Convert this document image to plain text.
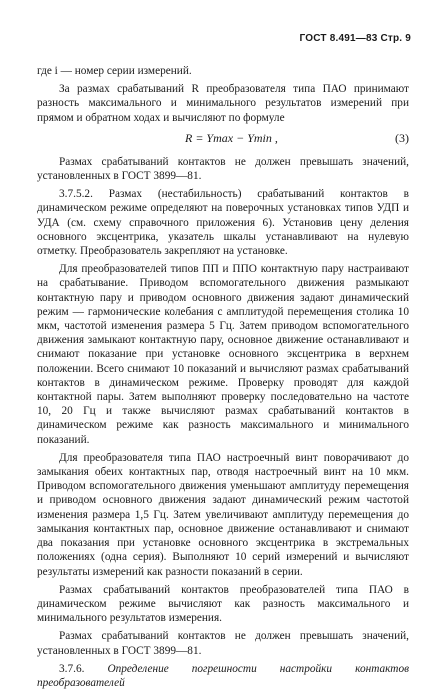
ГОСТ 8.491—83 Стр. 9

где i — номер серии измерений.

За размах срабатываний R преобразователя типа ПАО принимают разность максимального и минимального результатов измерений при прямом и обратном ходах и вычисляют по формуле

R = Ymax − Ymin ,	(3)

Размах срабатываний контактов не должен превышать значений, установленных в ГОСТ 3899—81.

3.7.5.2. Размах (нестабильность) срабатываний контактов в динамическом режиме определяют на поверочных установках типов УДП и УДА (см. схему справочного приложения 6). Установив цену деления основного эксцентрика, указатель шкалы устанавливают на нулевую отметку. Преобразователь закрепляют на установке.

Для преобразователей типов ПП и ППО контактную пару настраивают на срабатывание. Приводом вспомогательного движения размыкают контактную пару и приводом основного движения задают динамический режим — гармонические колебания с амплитудой перемещения столика 10 мкм, частотой изменения размера 5 Гц. Затем приводом вспомогательного движения замыкают контактную пару, основное движение останавливают и снимают показание при установке основного эксцентрика в верхнем положении. Всего снимают 10 показаний и вычисляют размах срабатываний контактов в динамическом режиме. Проверку проводят для каждой контактной пары. Затем выполняют проверку последовательно на частоте 10, 20 Гц и также вычисляют размах срабатываний контактов в динамическом режиме как разность максимального и минимального показаний.

Для преобразователя типа ПАО настроечный винт поворачивают до замыкания обеих контактных пар, отводя настроечный винт на 10 мкм. Приводом вспомогательного движения уменьшают амплитуду перемещения и приводом основного движения задают динамический режим частотой изменения размера 1,5 Гц. Затем увеличивают амплитуду перемещения до замыкания контактных пар, основное движение останавливают и снимают два показания при установке основного эксцентрика в экстремальных положениях (одна серия). Выполняют 10 серий измерений и вычисляют результаты измерений как разности показаний в серии.

Размах срабатываний контактов преобразователей типа ПАО в динамическом режиме вычисляют как разность максимального и минимального результатов измерения.

Размах срабатываний контактов не должен превышать значений, установленных в ГОСТ 3899—81.

3.7.6. Определение погрешности настройки контактов преобразователей
